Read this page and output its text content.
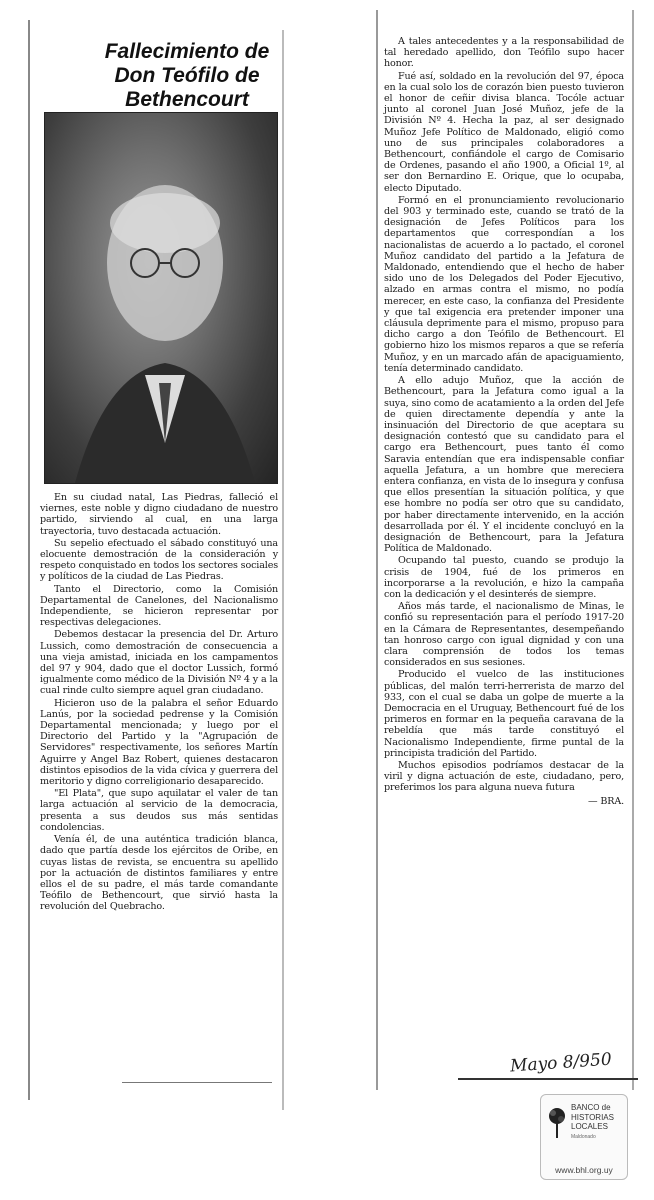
Fallecimiento de
Don Teófilo de
Bethencourt

En su ciudad natal, Las Piedras, falleció el viernes, este noble y digno ciudadano de nuestro partido, sirviendo al cual, en una larga trayectoria, tuvo destacada actuación.

Su sepelio efectuado el sábado constituyó una elocuente demostración de la consideración y respeto conquistado en todos los sectores sociales y políticos de la ciudad de Las Piedras.

Tanto el Directorio, como la Comisión Departamental de Canelones, del Nacionalismo Independiente, se hicieron representar por respectivas delegaciones.

Debemos destacar la presencia del Dr. Arturo Lussich, como demostración de consecuencia a una vieja amistad, iniciada en los campamentos del 97 y 904, dado que el doctor Lussich, formó igualmente como médico de la División Nº 4 y a la cual rinde culto siempre aquel gran ciudadano.

Hicieron uso de la palabra el señor Eduardo Lanús, por la sociedad pedrense y la Comisión Departamental mencionada; y luego por el Directorio del Partido y la "Agrupación de Servidores" respectivamente, los señores Martín Aguirre y Angel Baz Robert, quienes destacaron distintos episodios de la vida cívica y guerrera del meritorio y digno correligionario desaparecido.

"El Plata", que supo aquilatar el valer de tan larga actuación al servicio de la democracia, presenta a sus deudos sus más sentidas condolencias.

Venía él, de una auténtica tradición blanca, dado que partía desde los ejércitos de Oribe, en cuyas listas de revista, se encuentra su apellido por la actuación de distintos familiares y entre ellos el de su padre, el más tarde comandante Teófilo de Bethencourt, que sirvió hasta la revolución del Quebracho.

A tales antecedentes y a la responsabilidad de tal heredado apellido, don Teófilo supo hacer honor.

Fué así, soldado en la revolución del 97, época en la cual solo los de corazón bien puesto tuvieron el honor de ceñir divisa blanca. Tocóle actuar junto al coronel Juan José Muñoz, jefe de la División Nº 4. Hecha la paz, al ser designado Muñoz Jefe Político de Maldonado, eligió como uno de sus principales colaboradores a Bethencourt, confiándole el cargo de Comisario de Ordenes, pasando el año 1900, a Oficial 1º, al ser don Bernardino E. Orique, que lo ocupaba, electo Diputado.

Formó en el pronunciamiento revolucionario del 903 y terminado este, cuando se trató de la designación de Jefes Políticos para los departamentos que correspondían a los nacionalistas de acuerdo a lo pactado, el coronel Muñoz candidato del partido a la Jefatura de Maldonado, entendiendo que el hecho de haber sido uno de los Delegados del Poder Ejecutivo, alzado en armas contra el mismo, no podía merecer, en este caso, la confianza del Presidente y que tal exigencia era pretender imponer una cláusula deprimente para el mismo, propuso para dicho cargo a don Teófilo de Bethencourt. El gobierno hizo los mismos reparos a que se refería Muñoz, y en un marcado afán de apaciguamiento, tenía determinado candidato.

A ello adujo Muñoz, que la acción de Bethencourt, para la Jefatura como igual a la suya, sino como de acatamiento a la orden del Jefe de quien directamente dependía y ante la insinuación del Directorio de que aceptara su designación contestó que su candidato para el cargo era Bethencourt, pues tanto él como Saravia entendían que era indispensable confiar aquella Jefatura, a un hombre que mereciera entera confianza, en vista de lo insegura y confusa que ellos presentían la situación política, y que ese hombre no podía ser otro que su candidato, por haber directamente intervenido, en la acción desarrollada por él. Y el incidente concluyó en la designación de Bethencourt, para la Jefatura Política de Maldonado.

Ocupando tal puesto, cuando se produjo la crisis de 1904, fué de los primeros en incorporarse a la revolución, e hizo la campaña con la dedicación y el desinterés de siempre.

Años más tarde, el nacionalismo de Minas, le confió su representación para el período 1917-20 en la Cámara de Representantes, desempeñando tan honroso cargo con igual dignidad y con una clara comprensión de todos los temas considerados en sus sesiones.

Producido el vuelco de las instituciones públicas, del malón terri-herrerista de marzo del 933, con el cual se daba un golpe de muerte a la Democracia en el Uruguay, Bethencourt fué de los primeros en formar en la pequeña caravana de la rebeldía que más tarde constituyó el Nacionalismo Independiente, firme puntal de la principista tradición del Partido.

Muchos episodios podríamos destacar de la viril y digna actuación de este, ciudadano, pero, preferimos los para alguna nueva futura

— BRA.
Mayo 8/950
BANCO de
HISTORIAS
LOCALES
Maldonado
www.bhl.org.uy
